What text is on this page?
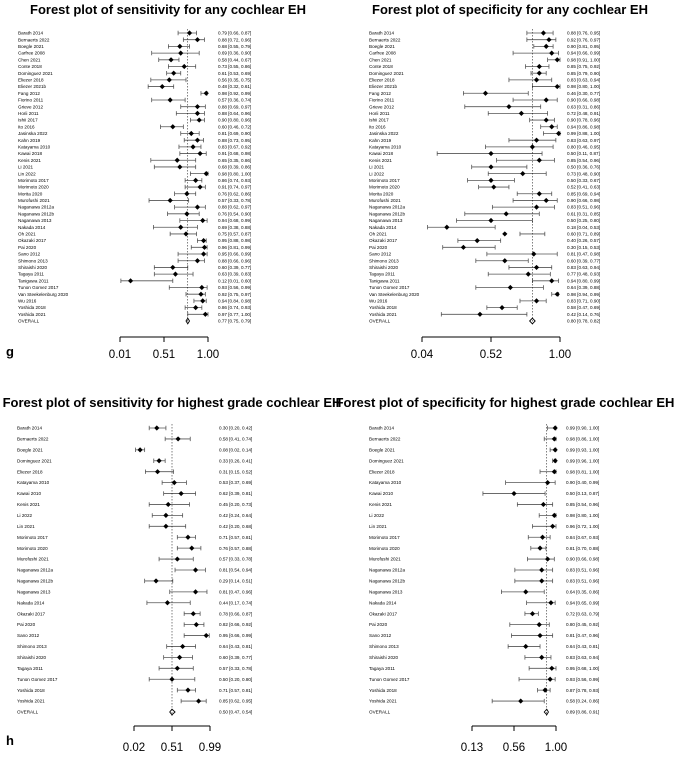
Forest plot of sensitivity for any cochlear EH
Barath 2014	0.79 [0.66, 0.87]
Bernaerts 2022	0.88 [0.72, 0.96]
Boegle 2021	0.68 [0.55, 0.79]
Carfree 2008	0.69 [0.36, 0.90]
Chen 2021	0.58 [0.44, 0.67]
Conte 2018	0.73 [0.55, 0.86]
Dominguez 2021	0.61 [0.53, 0.69]
Eliezer 2018	0.56 [0.35, 0.75]
Eliezer 2021b	0.48 [0.32, 0.61]
Fang 2012	0.98 [0.92, 0.99]
Fiorino 2011	0.57 [0.36, 0.74]
Grieve 2012	0.88 [0.69, 0.97]
Horii 2011	0.88 [0.64, 0.96]
Ishii 2017	0.90 [0.80, 0.96]
Ito 2016	0.60 [0.46, 0.72]
Jasinska 2022	0.81 [0.69, 0.90]
Kahn 2019	0.88 [0.73, 0.95]
Katayama 2010	0.83 [0.67, 0.92]
Kawai 2018	0.91 [0.68, 0.98]
Kenis 2021	0.65 [0.35, 0.86]
Li 2021	0.68 [0.39, 0.86]
Lin 2022	0.98 [0.80, 1.00]
Morimoto 2017	0.86 [0.74, 0.93]
Morimoto 2020	0.91 [0.74, 0.97]
Morita 2020	0.76 [0.62, 0.86]
Murofushi 2021	0.57 [0.33, 0.78]
Naganawa 2012a	0.88 [0.62, 0.97]
Naganawa 2012b	0.76 [0.54, 0.90]
Naganawa 2013	0.94 [0.68, 0.99]
Nakada 2014	0.69 [0.38, 0.88]
Oh 2021	0.75 [0.57, 0.87]
Okazaki 2017	0.95 [0.88, 0.98]
Pai 2020	0.96 [0.81, 0.99]
Sano 2012	0.95 [0.66, 0.99]
Shimono 2013	0.88 [0.66, 0.96]
Shiraishi 2020	0.60 [0.39, 0.77]
Tagaya 2011	0.63 [0.39, 0.83]
Tanigawa 2011	0.12 [0.01, 0.60]
Tunon Gomez 2017	0.93 [0.56, 0.99]
Van Steekelenburg 2020	0.92 [0.75, 0.97]
Wu 2016	0.94 [0.84, 0.98]
Yoshida 2018	0.86 [0.74, 0.93]
Yoshida 2021	0.97 [0.77, 1.00]
OVERALL	0.77 [0.75, 0.79]
0.01 0.51 1.00
g
Forest plot of specificity for any cochlear EH
Barath 2014	0.88 [0.76, 0.95]
Bernaerts 2022	0.92 [0.76, 0.97]
Boegle 2021	0.90 [0.81, 0.95]
Carfree 2008	0.94 [0.66, 0.99]
Chen 2021	0.98 [0.91, 1.00]
Conte 2018	0.85 [0.75, 0.92]
Dominguez 2021	0.85 [0.79, 0.90]
Eliezer 2018	0.83 [0.63, 0.94]
Eliezer 2021b	0.98 [0.80, 1.00]
Fang 2012	0.46 [0.30, 0.77]
Fiorino 2011	0.90 [0.66, 0.98]
Grieve 2012	0.63 [0.31, 0.86]
Horii 2011	0.72 [0.48, 0.91]
Ishii 2017	0.90 [0.78, 0.96]
Ito 2016	0.94 [0.86, 0.98]
Jasinska 2022	0.99 [0.88, 1.00]
Kahn 2019	0.83 [0.63, 0.97]
Katayama 2010	0.80 [0.46, 0.95]
Kawai 2018	0.50 [0.11, 0.87]
Kenis 2021	0.85 [0.54, 0.96]
Li 2021	0.50 [0.36, 0.76]
Li 2022	0.73 [0.48, 0.90]
Morimoto 2017	0.50 [0.33, 0.67]
Morimoto 2020	0.52 [0.41, 0.63]
Morita 2020	0.85 [0.69, 0.94]
Murofushi 2021	0.90 [0.66, 0.98]
Naganawa 2012a	0.83 [0.51, 0.96]
Naganawa 2012b	0.61 [0.31, 0.85]
Naganawa 2013	0.50 [0.25, 0.80]
Nakada 2014	0.18 [0.04, 0.53]
Oh 2021	0.60 [0.71, 0.89]
Okazaki 2017	0.40 [0.26, 0.57]
Pai 2020	0.30 [0.15, 0.53]
Sano 2012	0.81 [0.47, 0.98]
Shimono 2013	0.60 [0.39, 0.77]
Shiraishi 2020	0.83 [0.63, 0.94]
Tagaya 2011	0.77 [0.48, 0.93]
Tanigawa 2011	0.94 [0.80, 0.99]
Tunon Gomez 2017	0.64 [0.39, 0.88]
Van Steekelenburg 2020	0.98 [0.94, 0.99]
Wu 2016	0.83 [0.71, 0.90]
Yoshida 2018	0.58 [0.47, 0.69]
Yoshida 2021	0.42 [0.14, 0.76]
OVERALL	0.80 [0.78, 0.82]
0.04	0.52	1.00
Forest plot of sensitivity for highest grade cochlear EH
Barath 2014	0.30 [0.20, 0.42]
Bernaerts 2022	0.58 [0.41, 0.74]
Boegle 2021	0.08 [0.02, 0.14]
Dominguez 2021	0.33 [0.26, 0.41]
Eliezer 2018	0.31 [0.15, 0.52]
Katayama 2010	0.53 [0.37, 0.69]
Kawai 2010	0.62 [0.39, 0.81]
Kenis 2021	0.45 [0.20, 0.73]
Li 2022	0.42 [0.24, 0.64]
Lin 2021	0.42 [0.20, 0.68]
Morimoto 2017	0.71 [0.57, 0.81]
Morimoto 2020	0.76 [0.57, 0.88]
Murofushi 2021	0.57 [0.33, 0.78]
Naganawa 2012a	0.81 [0.54, 0.94]
Naganawa 2012b	0.29 [0.14, 0.51]
Naganawa 2013	0.81 [0.47, 0.96]
Nakada 2014	0.44 [0.17, 0.74]
Okazaki 2017	0.78 [0.66, 0.87]
Pai 2020	0.82 [0.66, 0.92]
Sano 2012	0.95 [0.66, 0.99]
Shimono 2013	0.64 [0.43, 0.81]
Shiraishi 2020	0.60 [0.39, 0.77]
Tagaya 2011	0.57 [0.33, 0.78]
Tunon Gomez 2017	0.50 [0.20, 0.80]
Yoshida 2018	0.71 [0.57, 0.81]
Yoshida 2021	0.85 [0.62, 0.95]
OVERALL	0.50 [0.47, 0.54]
0.02 0.51 0.99
h
Forest plot of specificity for highest grade cochlear EH
Barath 2014	0.99 [0.90, 1.00]
Bernaerts 2022	0.98 [0.86, 1.00]
Boegle 2021	0.99 [0.93, 1.00]
Dominguez 2021	0.99 [0.96, 1.00]
Eliezer 2018	0.98 [0.81, 1.00]
Katayama 2010	0.90 [0.40, 0.99]
Kawai 2010	0.50 [0.13, 0.87]
Kenis 2021	0.85 [0.54, 0.96]
Li 2022	0.98 [0.80, 1.00]
Lin 2021	0.96 [0.72, 1.00]
Morimoto 2017	0.84 [0.67, 0.93]
Morimoto 2020	0.81 [0.70, 0.88]
Murofushi 2021	0.90 [0.66, 0.98]
Naganawa 2012a	0.83 [0.51, 0.96]
Naganawa 2012b	0.83 [0.51, 0.96]
Naganawa 2013	0.64 [0.35, 0.86]
Nakada 2014	0.94 [0.65, 0.99]
Okazaki 2017	0.72 [0.63, 0.79]
Pai 2020	0.80 [0.45, 0.92]
Sano 2012	0.81 [0.47, 0.96]
Shimono 2013	0.64 [0.43, 0.81]
Shiraishi 2020	0.83 [0.63, 0.94]
Tagaya 2011	0.95 [0.68, 1.00]
Tunon Gomez 2017	0.93 [0.56, 0.99]
Yoshida 2018	0.87 [0.78, 0.93]
Yoshida 2021	0.58 [0.24, 0.86]
OVERALL	0.89 [0.86, 0.91]
0.13 0.56 1.00
